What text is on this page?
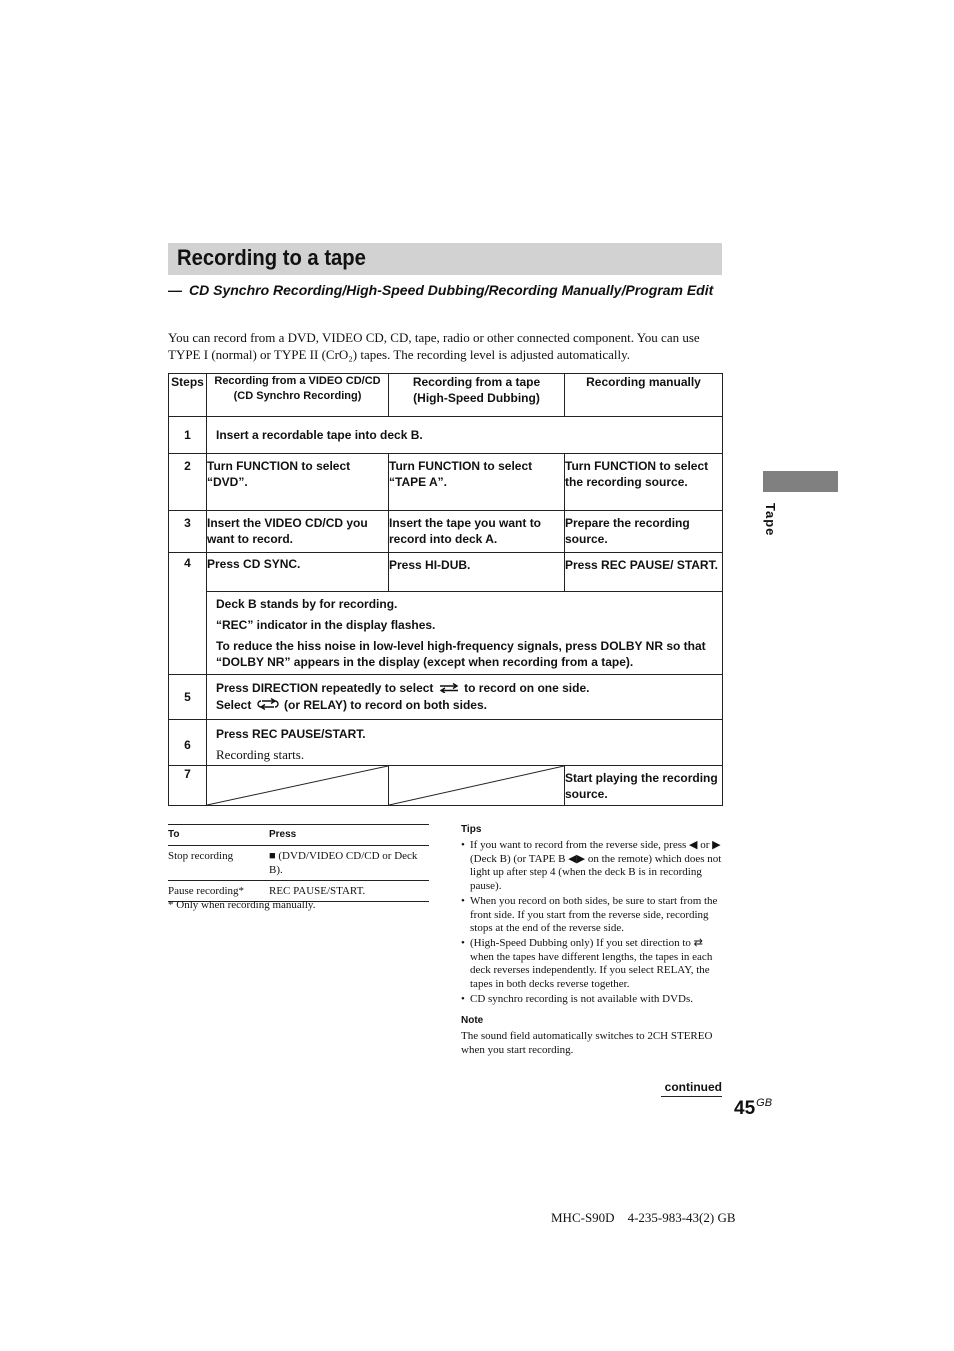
Recording to a tape
— CD Synchro Recording/High-Speed Dubbing/Recording Manually/Program Edit
You can record from a DVD, VIDEO CD, CD, tape, radio or other connected component. You can use TYPE I (normal) or TYPE II (CrO₂) tapes. The recording level is adjusted automatically.
Steps	Recording from a VIDEO CD/CD (CD Synchro Recording)	Recording from a tape (High-Speed Dubbing)	Recording manually
1	Insert a recordable tape into deck B.		
2	Turn FUNCTION to select “DVD”.	Turn FUNCTION to select “TAPE A”.	Turn FUNCTION to select the recording source.
3	Insert the VIDEO CD/CD you want to record.	Insert the tape you want to record into deck A.	Prepare the recording source.
4	Press CD SYNC.	Press HI-DUB.	Press REC PAUSE/ START.

	Deck B stands by for recording.
“REC” indicator in the display flashes.
To reduce the hiss noise in low-level high-frequency signals, press DOLBY NR so that “DOLBY NR” appears in the display (except when recording from a tape).		

5	Press DIRECTION repeatedly to select to record on one side.
Select (or RELAY) to record on both sides.		

6	Press REC PAUSE/START.
Recording starts.		

7			Start playing the recording source.
Tape
To	Press
Stop recording	■ (DVD/VIDEO CD/CD or Deck B).
Pause recording*	REC PAUSE/START.
* Only when recording manually.
Tips
• If you want to record from the reverse side, press ◀ or ▶ (Deck B) (or TAPE B ◀▶ on the remote) which does not light up after step 4 (when the deck B is in recording pause).
• When you record on both sides, be sure to start from the front side. If you start from the reverse side, recording stops at the end of the reverse side.
• (High-Speed Dubbing only) If you set direction to ⇄ when the tapes have different lengths, the tapes in each deck reverses independently. If you select RELAY, the tapes in both decks reverse together.
• CD synchro recording is not available with DVDs.
Note
The sound field automatically switches to 2CH STEREO when you start recording.
continued
$45^{GB}$
MHC-S90D    4-235-983-43(2) GB
